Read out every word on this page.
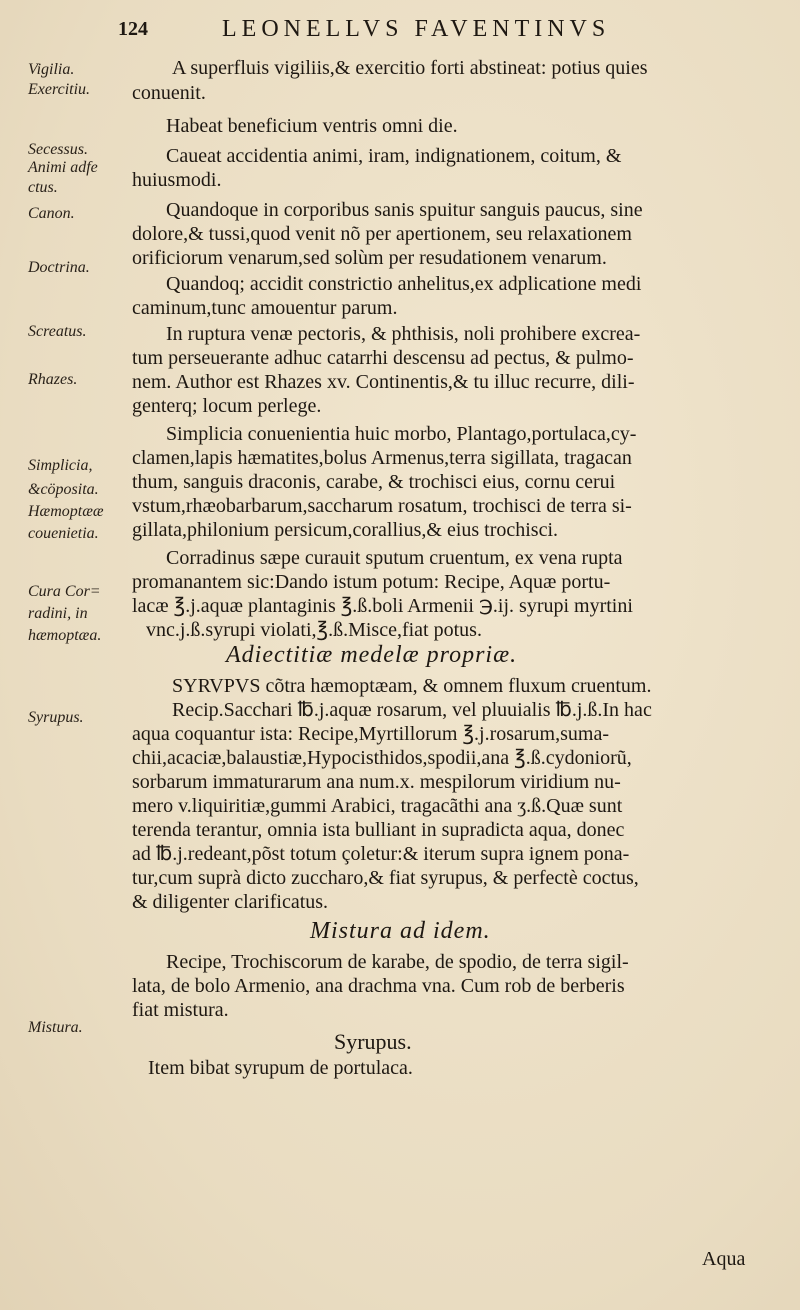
124	LEONELLVS FAVENTINVS
Vigilia.
Exercitiu.
Secessus.
Animi adfe
ctus.
Canon.
Doctrina.
Screatus.
Rhazes.
Simplicia,
&cöposita.
Hæmoptææ
couenietia.
Cura Cor=
radini, in
hæmoptæa.
Syrupus.
Mistura.
A superfluis vigiliis,& exercitio forti abstineat: potius quies
conuenit.
Habeat beneficium ventris omni die.
Caueat accidentia animi, iram, indignationem, coitum, &
huiusmodi.
Quandoque in corporibus sanis spuitur sanguis paucus, sine
dolore,& tussi,quod venit nõ per apertionem, seu relaxationem
orificiorum venarum,sed solùm per resudationem venarum.
Quandoq; accidit constrictio anhelitus,ex adplicatione medi
caminum,tunc amouentur parum.
In ruptura venæ pectoris, & phthisis, noli prohibere excrea-
tum perseuerante adhuc catarrhi descensu ad pectus, & pulmo-
nem. Author est Rhazes xv. Continentis,& tu illuc recurre, dili-
genterq; locum perlege.
Simplicia conuenientia huic morbo, Plantago,portulaca,cy-
clamen,lapis hæmatites,bolus Armenus,terra sigillata, tragacan
thum, sanguis draconis, carabe, & trochisci eius, cornu cerui
vstum,rhæobarbarum,saccharum rosatum, trochisci de terra si-
gillata,philonium persicum,corallius,& eius trochisci.
Corradinus sæpe curauit sputum cruentum, ex vena rupta
promanantem sic:Dando istum potum: Recipe, Aquæ portu-
lacæ ℥.j.aquæ plantaginis ℥.ß.boli Armenii ℈.ij. syrupi myrtini
vnc.j.ß.syrupi violati,℥.ß.Misce,fiat potus.
Adiectitiæ medelæ propriæ.
SYRVPVS cõtra hæmoptæam, & omnem fluxum cruentum.
Recip.Sacchari ℔.j.aquæ rosarum, vel pluuialis ℔.j.ß.In hac
aqua coquantur ista: Recipe,Myrtillorum ℥.j.rosarum,suma-
chii,acaciæ,balaustiæ,Hypocisthidos,spodii,ana ℥.ß.cydoniorũ,
sorbarum immaturarum ana num.x. mespilorum viridium nu-
mero v.liquiritiæ,gummi Arabici, tragacãthi ana ʒ.ß.Quæ sunt
terenda terantur, omnia ista bulliant in supradicta aqua, donec
ad ℔.j.redeant,põst totum çoletur:& iterum supra ignem pona-
tur,cum suprà dicto zuccharo,& fiat syrupus, & perfectè coctus,
& diligenter clarificatus.
Mistura ad idem.
Recipe, Trochiscorum de karabe, de spodio, de terra sigil-
lata, de bolo Armenio, ana drachma vna. Cum rob de berberis
fiat mistura.
Syrupus.
Item bibat syrupum de portulaca.
Aqua
